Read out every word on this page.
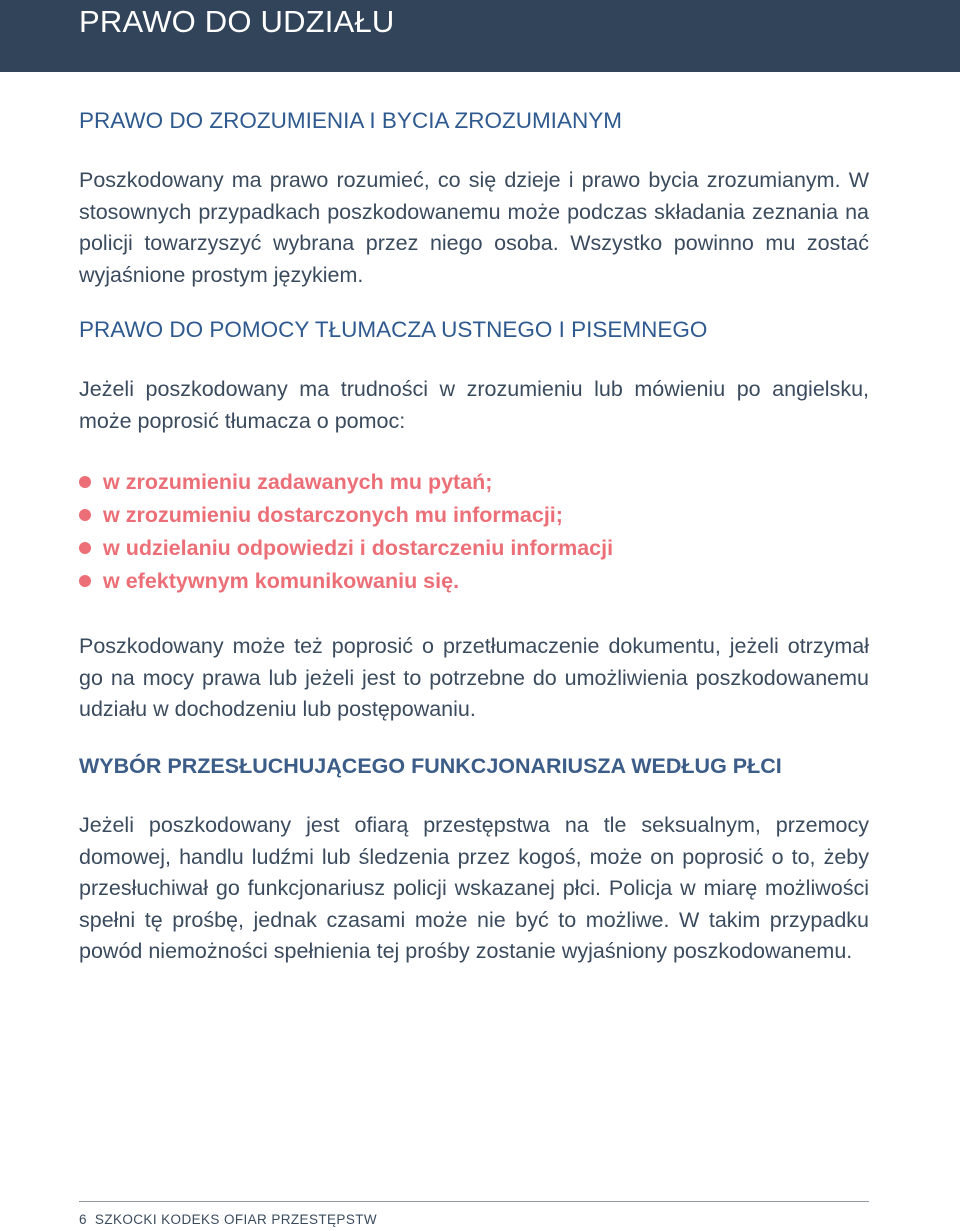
PRAWO DO UDZIAŁU
PRAWO DO ZROZUMIENIA I BYCIA ZROZUMIANYM

Poszkodowany ma prawo rozumieć, co się dzieje i prawo bycia zrozumianym. W stosownych przypadkach poszkodowanemu może podczas składania zeznania na policji towarzyszyć wybrana przez niego osoba. Wszystko powinno mu zostać wyjaśnione prostym językiem.

PRAWO DO POMOCY TŁUMACZA USTNEGO I PISEMNEGO

Jeżeli poszkodowany ma trudności w zrozumieniu lub mówieniu po angielsku, może poprosić tłumacza o pomoc:

w zrozumieniu zadawanych mu pytań;
w zrozumieniu dostarczonych mu informacji;
w udzielaniu odpowiedzi i dostarczeniu informacji
w efektywnym komunikowaniu się.

Poszkodowany może też poprosić o przetłumaczenie dokumentu, jeżeli otrzymał go na mocy prawa lub jeżeli jest to potrzebne do umożliwienia poszkodowanemu udziału w dochodzeniu lub postępowaniu.

WYBÓR PRZESŁUCHUJĄCEGO FUNKCJONARIUSZA WEDŁUG PŁCI

Jeżeli poszkodowany jest ofiarą przestępstwa na tle seksualnym, przemocy domowej, handlu ludźmi lub śledzenia przez kogoś, może on poprosić o to, żeby przesłuchiwał go funkcjonariusz policji wskazanej płci. Policja w miarę możliwości spełni tę prośbę, jednak czasami może nie być to możliwe. W takim przypadku powód niemożności spełnienia tej prośby zostanie wyjaśniony poszkodowanemu.

6 SZKOCKI KODEKS OFIAR PRZESTĘPSTW
